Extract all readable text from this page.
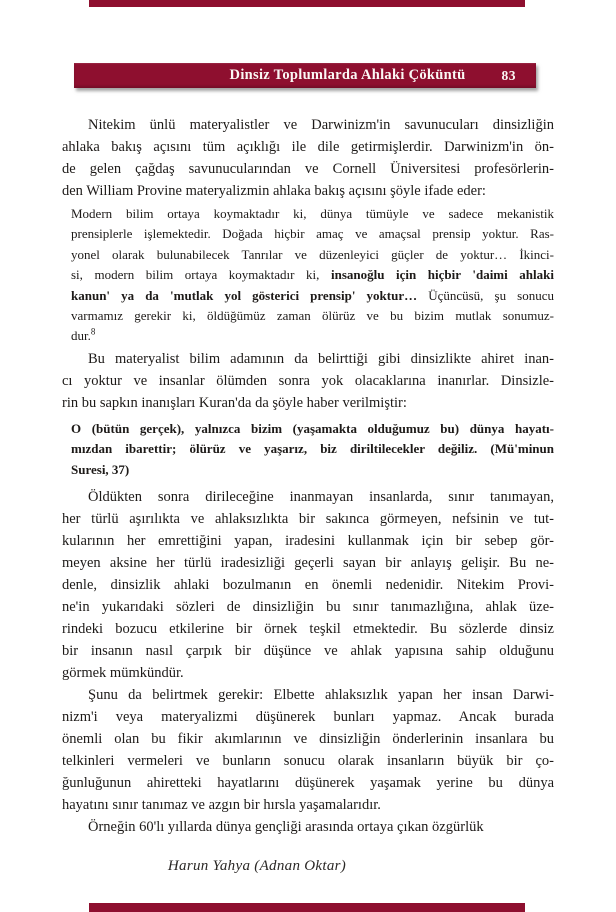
Dinsiz Toplumlarda Ahlaki Çöküntü	83
Nitekim ünlü materyalistler ve Darwinizm'in savunucuları dinsizliğin
ahlaka bakış açısını tüm açıklığı ile dile getirmişlerdir. Darwinizm'in ön-
de gelen çağdaş savunucularından ve Cornell Üniversitesi profesörlerin-
den William Provine materyalizmin ahlaka bakış açısını şöyle ifade eder:
Modern bilim ortaya koymaktadır ki, dünya tümüyle ve sadece mekanistik
prensiplerle işlemektedir. Doğada hiçbir amaç ve amaçsal prensip yoktur. Ras-
yonel olarak bulunabilecek Tanrılar ve düzenleyici güçler de yoktur… İkinci-
si, modern bilim ortaya koymaktadır ki, insanoğlu için hiçbir 'daimi ahlaki
kanun' ya da 'mutlak yol gösterici prensip' yoktur… Üçüncüsü, şu sonucu
varmamız gerekir ki, öldüğümüz zaman ölürüz ve bu bizim mutlak sonumuz-
dur.$^8$
Bu materyalist bilim adamının da belirttiği gibi dinsizlikte ahiret inan-
cı yoktur ve insanlar ölümden sonra yok olacaklarına inanırlar. Dinsizle-
rin bu sapkın inanışları Kuran'da da şöyle haber verilmiştir:
O (bütün gerçek), yalnızca bizim (yaşamakta olduğumuz bu) dünya hayatı-
mızdan ibarettir; ölürüz ve yaşarız, biz diriltilecekler değiliz. (Mü'minun
Suresi, 37)
Öldükten sonra dirileceğine inanmayan insanlarda, sınır tanımayan,
her türlü aşırılıkta ve ahlaksızlıkta bir sakınca görmeyen, nefsinin ve tut-
kularının her emrettiğini yapan, iradesini kullanmak için bir sebep gör-
meyen aksine her türlü iradesizliği geçerli sayan bir anlayış gelişir. Bu ne-
denle, dinsizlik ahlaki bozulmanın en önemli nedenidir. Nitekim Provi-
ne'in yukarıdaki sözleri de dinsizliğin bu sınır tanımazlığına, ahlak üze-
rindeki bozucu etkilerine bir örnek teşkil etmektedir. Bu sözlerde dinsiz
bir insanın nasıl çarpık bir düşünce ve ahlak yapısına sahip olduğunu
görmek mümkündür.
Şunu da belirtmek gerekir: Elbette ahlaksızlık yapan her insan Darwi-
nizm'i veya materyalizmi düşünerek bunları yapmaz. Ancak burada
önemli olan bu fikir akımlarının ve dinsizliğin önderlerinin insanlara bu
telkinleri vermeleri ve bunların sonucu olarak insanların büyük bir ço-
ğunluğunun ahiretteki hayatlarını düşünerek yaşamak yerine bu dünya
hayatını sınır tanımaz ve azgın bir hırsla yaşamalarıdır.
Örneğin 60'lı yıllarda dünya gençliği arasında ortaya çıkan özgürlük
Harun Yahya (Adnan Oktar)
